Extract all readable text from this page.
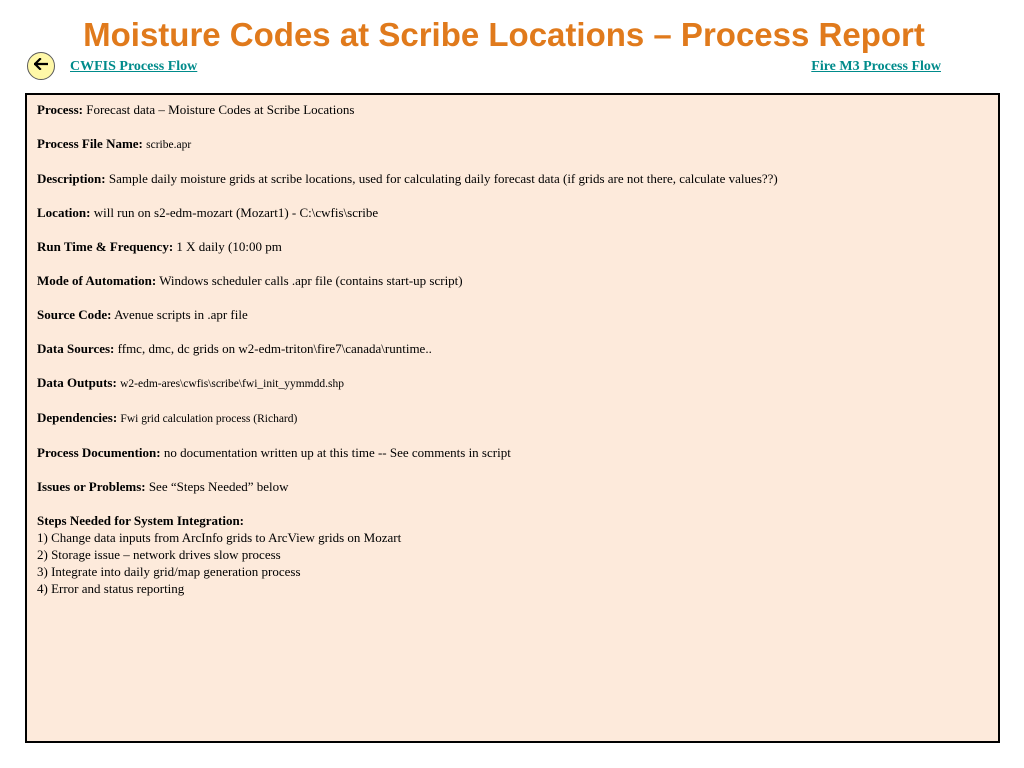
Moisture Codes at Scribe Locations – Process Report
CWFIS Process Flow	Fire M3 Process Flow
Process: Forecast data – Moisture Codes at Scribe Locations
Process File Name: scribe.apr
Description: Sample daily moisture grids at scribe locations, used for calculating daily forecast data (if grids are not there, calculate values??)
Location: will run on s2-edm-mozart (Mozart1) - C:\cwfis\scribe
Run Time & Frequency: 1 X daily (10:00 pm
Mode of Automation: Windows scheduler calls .apr file (contains start-up script)
Source Code: Avenue scripts in .apr file
Data Sources: ffmc, dmc, dc grids on w2-edm-triton\fire7\canada\runtime..
Data Outputs: w2-edm-ares\cwfis\scribe\fwi_init_yymmdd.shp
Dependencies: Fwi grid calculation process (Richard)
Process Documention: no documentation written up at this time -- See comments in script
Issues or Problems: See “Steps Needed” below
Steps Needed for System Integration:
1) Change data inputs from ArcInfo grids to ArcView grids on Mozart
2) Storage issue – network drives slow process
3) Integrate into daily grid/map generation process
4) Error and status reporting
